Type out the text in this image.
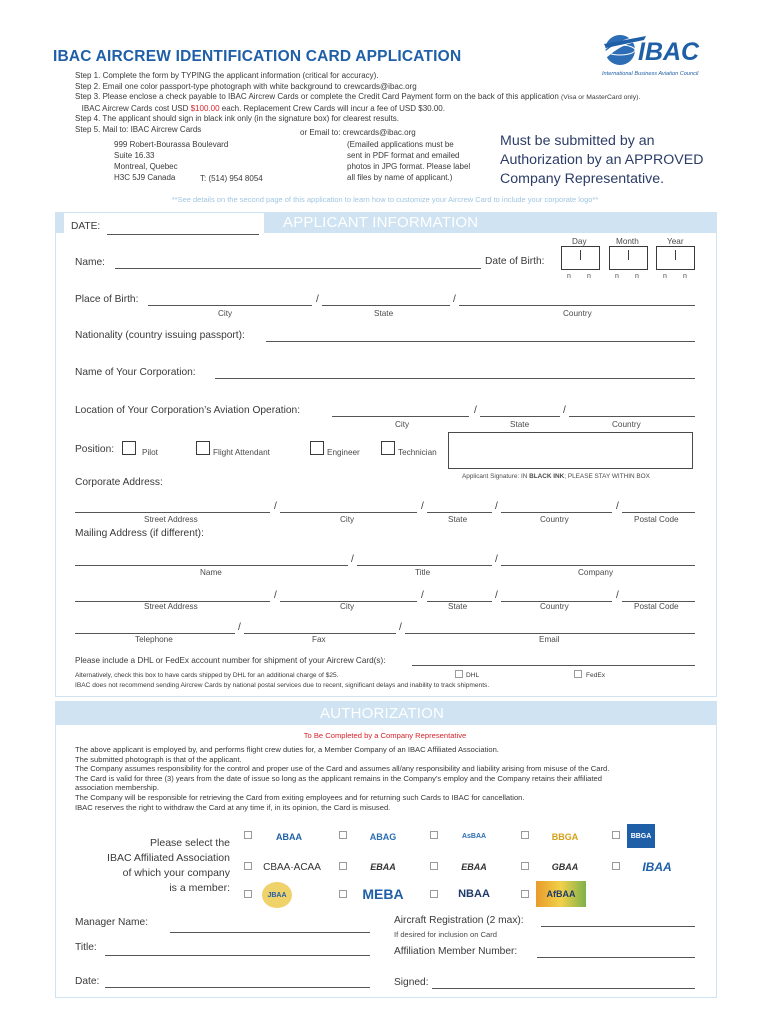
IBAC AIRCREW IDENTIFICATION CARD APPLICATION	IBAC
International Business Aviation Council
Step 1. Complete the form by TYPING the applicant information (critical for accuracy).
Step 2. Email one color passport-type photograph with white background to crewcards@ibac.org
Step 3. Please enclose a check payable to IBAC Aircrew Cards or complete the Credit Card Payment form on the back of this application (Visa or MasterCard only).
IBAC Aircrew Cards cost USD $100.00 each. Replacement Crew Cards will incur a fee of USD $30.00.
Step 4. The applicant should sign in black ink only (in the signature box) for clearest results.
Step 5. Mail to: IBAC Aircrew Cards	or Email to: crewcards@ibac.org
999 Robert-Bourassa Boulevard
Suite 16.33
Montreal, Quebec
H3C 5J9 Canada	T: (514) 954 8054
(Emailed applications must be
sent in PDF format and emailed
photos in JPG format. Please label
all files by name of applicant.)
Must be submitted by an
Authorization by an APPROVED
Company Representative.
**See details on the second page of this application to learn how to customize your Aircrew Card to include your corporate logo**
DATE:	APPLICANT INFORMATION
Day	Month	Year
Name:	Date of Birth:
n n	n n	n n
Place of Birth:	/	/
City	State	Country
Nationality (country issuing passport):
Name of Your Corporation:
Location of Your Corporation’s Aviation Operation:	/	/
City	State	Country
Position:	Pilot	Flight Attendant	Engineer	Technician
Applicant Signature: IN BLACK INK; PLEASE STAY WITHIN BOX
Corporate Address:
/	/	/	/
Street Address	City	State	Country	Postal Code
Mailing Address (if different):
/	/
Name	Title	Company
/	/	/	/
Street Address	City	State	Country	Postal Code
/	/
Telephone	Fax	Email
Please include a DHL or FedEx account number for shipment of your Aircrew Card(s):
Alternatively, check this box to have cards shipped by DHL for an additional charge of $25.	DHL	FedEx
IBAC does not recommend sending Aircrew Cards by national postal services due to recent, significant delays and inability to track shipments.
AUTHORIZATION
To Be Completed by a Company Representative
The above applicant is employed by, and performs flight crew duties for, a Member Company of an IBAC Affiliated Association.
The submitted photograph is that of the applicant.
The Company assumes responsibility for the control and proper use of the Card and assumes all/any responsibility and liability arising from misuse of the Card.
The Card is valid for three (3) years from the date of issue so long as the applicant remains in the Company’s employ and the Company retains their affiliated
association membership.
The Company will be responsible for retrieving the Card from exiting employees and for returning such Cards to IBAC for cancellation.
IBAC reserves the right to withdraw the Card at any time if, in its opinion, the Card is misused.
Please select the
IBAC Affiliated Association
of which your company
is a member:
ABAA	ABAG	AsBAA	BBGA	BBGA
CBAA·ACAA	EBAA	EBAA	GBAA	IBAA
JBAA	MEBA	NBAA	AfBAA
Manager Name:
Title:
Date:
Aircraft Registration (2 max):
If desired for inclusion on Card
Affiliation Member Number:
Signed:
